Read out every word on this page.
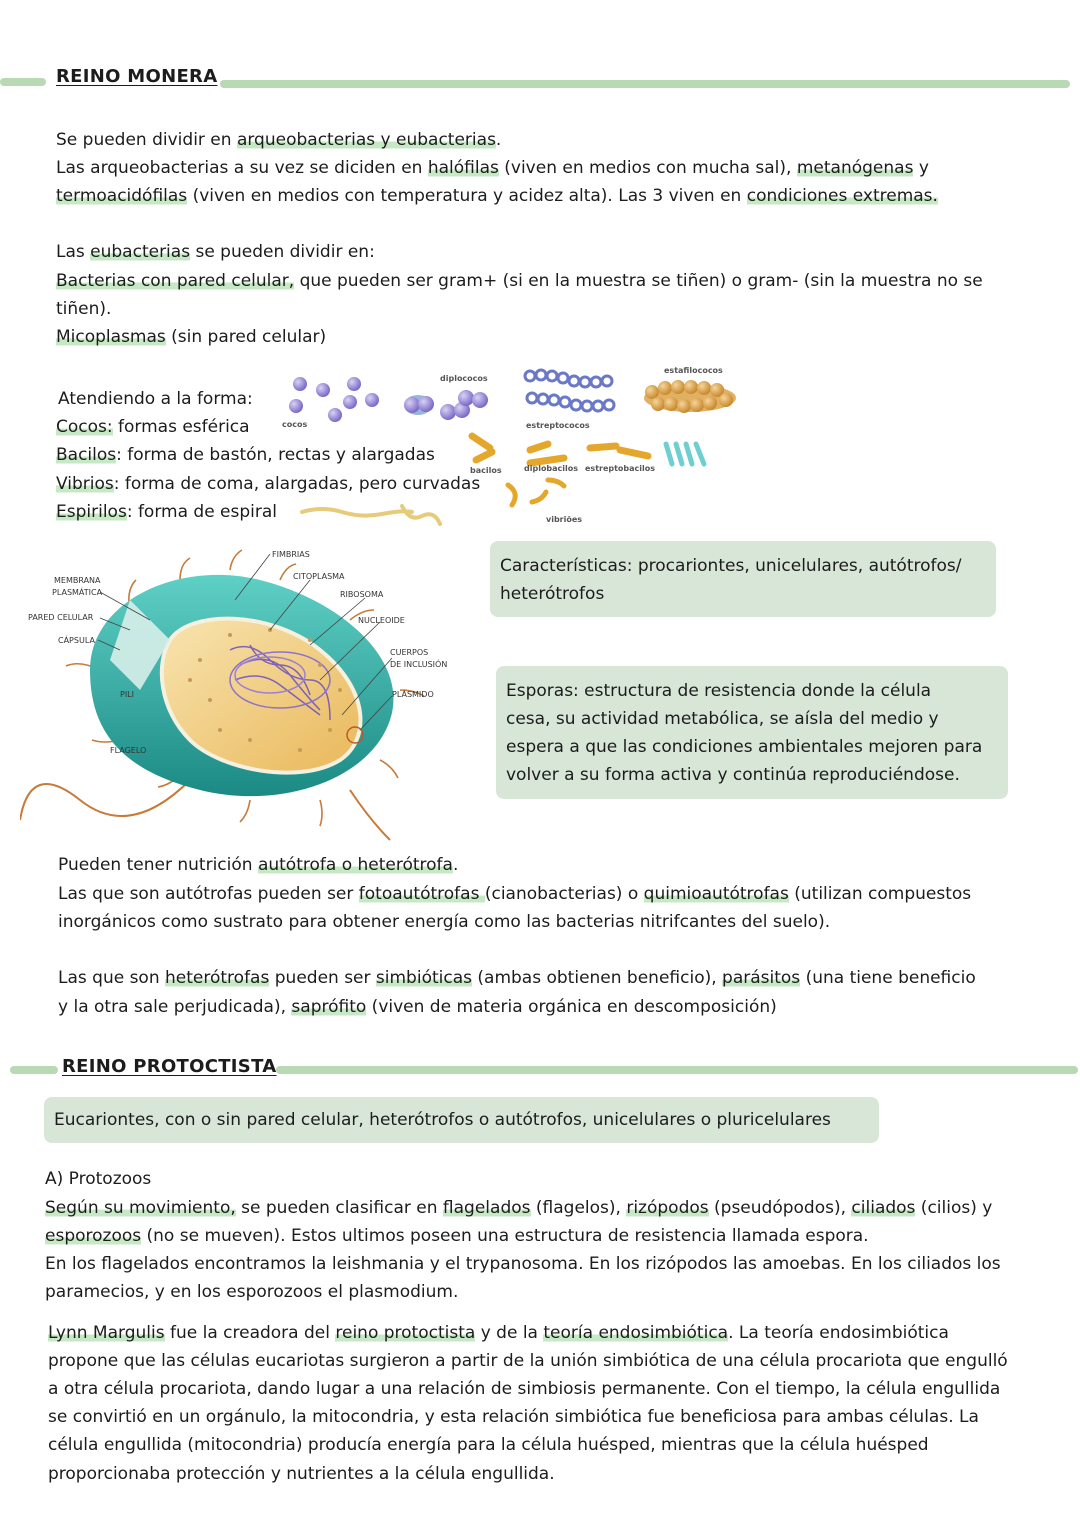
REINO MONERA
Se pueden dividir en arqueobacterias y eubacterias.
Las arqueobacterias a su vez se diciden en halófilas (viven en medios con mucha sal), metanógenas y
termoacidófilas (viven en medios con temperatura y acidez alta). Las 3 viven en condiciones extremas.
Las eubacterias se pueden dividir en:
Bacterias con pared celular, que pueden ser gram+ (si en la muestra se tiñen) o gram- (sin la muestra no se
tiñen).
Micoplasmas (sin pared celular)
Atendiendo a la forma:
Cocos: formas esférica
Bacilos: forma de bastón, rectas y alargadas
Vibrios: forma de coma, alargadas, pero curvadas
Espirilos: forma de espiral
cocos
diplococos
estreptococos
estafilococos
bacilos	diplobacilos estreptobacilos
vibriões
FIMBRIAS
CITOPLASMA
MEMBRANA
PLASMÁTICA	RIBOSOMA
PARED CELULAR	NUCLEOIDE
CÁPSULA
CUERPOS
DE INCLUSIÓN
PILI	PLÁSMIDO
FLAGELO
Características: procariontes, unicelulares, autótrofos/
heterótrofos
Esporas: estructura de resistencia donde la célula
cesa, su actividad metabólica, se aísla del medio y
espera a que las condiciones ambientales mejoren para
volver a su forma activa y continúa reproduciéndose.
Pueden tener nutrición autótrofa o heterótrofa.
Las que son autótrofas pueden ser fotoautótrofas (cianobacterias) o quimioautótrofas (utilizan compuestos
inorgánicos como sustrato para obtener energía como las bacterias nitrifcantes del suelo).
Las que son heterótrofas pueden ser simbióticas (ambas obtienen beneficio), parásitos (una tiene beneficio
y la otra sale perjudicada), saprófito (viven de materia orgánica en descomposición)
REINO PROTOCTISTA
Eucariontes, con o sin pared celular, heterótrofos o autótrofos, unicelulares o pluricelulares
A) Protozoos
Según su movimiento, se pueden clasificar en flagelados (flagelos), rizópodos (pseudópodos), ciliados (cilios) y
esporozoos (no se mueven). Estos ultimos poseen una estructura de resistencia llamada espora.
En los flagelados encontramos la leishmania y el trypanosoma. En los rizópodos las amoebas. En los ciliados los
paramecios, y en los esporozoos el plasmodium.
Lynn Margulis fue la creadora del reino protoctista y de la teoría endosimbiótica. La teoría endosimbiótica
propone que las células eucariotas surgieron a partir de la unión simbiótica de una célula procariota que engulló
a otra célula procariota, dando lugar a una relación de simbiosis permanente. Con el tiempo, la célula engullida
se convirtió en un orgánulo, la mitocondria, y esta relación simbiótica fue beneficiosa para ambas células. La
célula engullida (mitocondria) producía energía para la célula huésped, mientras que la célula huésped
proporcionaba protección y nutrientes a la célula engullida.
